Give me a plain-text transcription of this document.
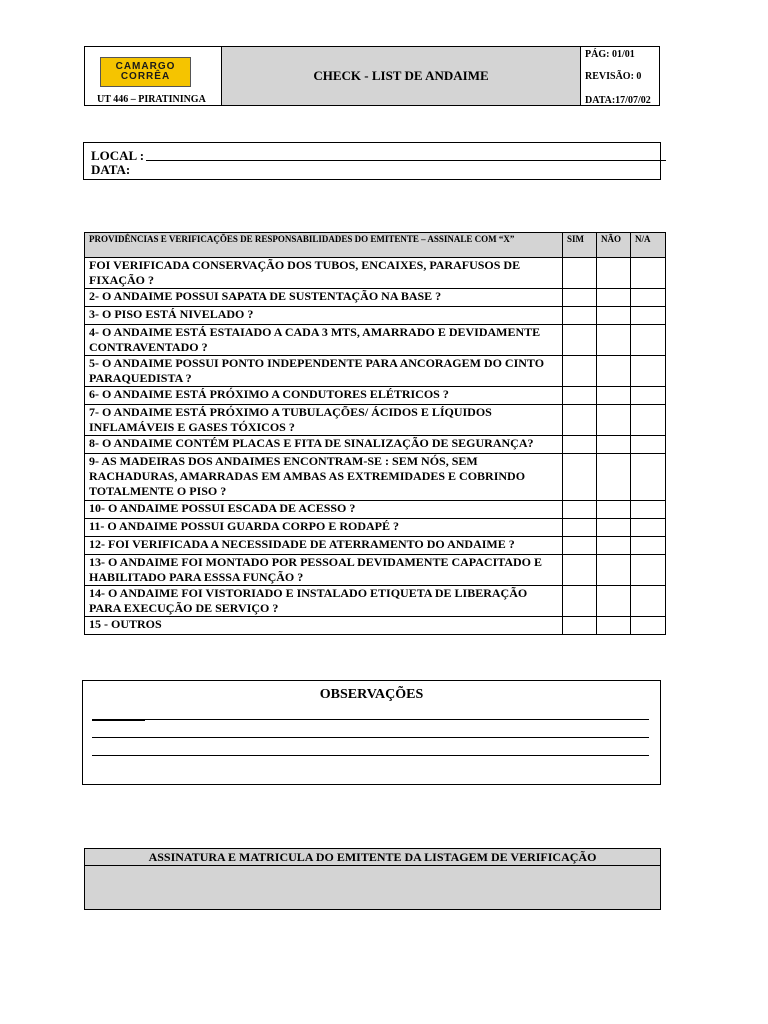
CAMARGO
CORRÊA
UT 446 – PIRATININGA
CHECK - LIST DE ANDAIME
PÁG: 01/01
REVISÃO: 0
DATA:17/07/02
LOCAL :
DATA:
PROVIDÊNCIAS E VERIFICAÇÕES DE RESPONSABILIDADES DO EMITENTE – ASSINALE COM “X”	SIM	NÃO	N/A
FOI VERIFICADA CONSERVAÇÃO DOS TUBOS, ENCAIXES, PARAFUSOS DE FIXAÇÃO ?			
2- O ANDAIME POSSUI SAPATA DE SUSTENTAÇÃO NA BASE ?			
3- O PISO ESTÁ NIVELADO ?			
4- O ANDAIME ESTÁ ESTAIADO A CADA 3 MTS, AMARRADO E DEVIDAMENTE CONTRAVENTADO ?			
5- O ANDAIME POSSUI PONTO INDEPENDENTE PARA ANCORAGEM DO CINTO PARAQUEDISTA ?			
6- O ANDAIME ESTÁ PRÓXIMO A CONDUTORES ELÉTRICOS ?			
7- O ANDAIME ESTÁ PRÓXIMO A TUBULAÇÕES/ ÁCIDOS E LÍQUIDOS INFLAMÁVEIS E GASES TÓXICOS ?			
8- O ANDAIME CONTÉM PLACAS E FITA DE SINALIZAÇÃO DE SEGURANÇA?			
9- AS MADEIRAS DOS ANDAIMES ENCONTRAM-SE : SEM NÓS, SEM RACHADURAS, AMARRADAS EM AMBAS AS EXTREMIDADES E COBRINDO TOTALMENTE O PISO ?			
10- O ANDAIME POSSUI ESCADA DE ACESSO ?			
11- O ANDAIME POSSUI GUARDA CORPO E RODAPÉ ?			
12- FOI VERIFICADA A NECESSIDADE DE ATERRAMENTO DO ANDAIME ?			
13- O ANDAIME FOI MONTADO POR PESSOAL DEVIDAMENTE CAPACITADO E HABILITADO PARA ESSSA FUNÇÃO ?			
14- O ANDAIME FOI VISTORIADO E INSTALADO ETIQUETA DE LIBERAÇÃO PARA EXECUÇÃO DE SERVIÇO ?			
15 - OUTROS			
OBSERVAÇÕES
ASSINATURA E MATRICULA DO EMITENTE DA LISTAGEM DE VERIFICAÇÃO
